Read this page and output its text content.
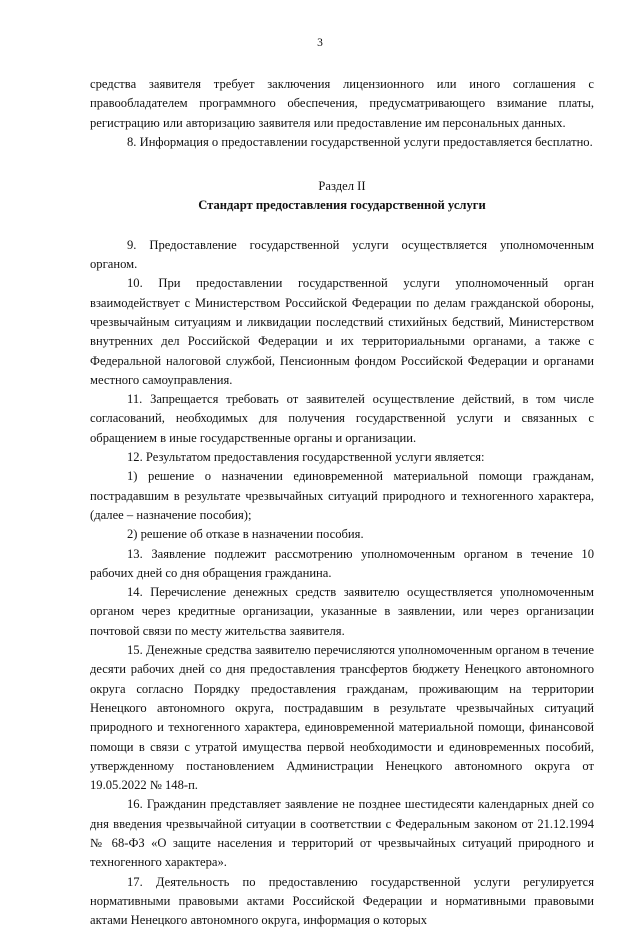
3

средства заявителя требует заключения лицензионного или иного соглашения с правообладателем программного обеспечения, предусматривающего взимание платы, регистрацию или авторизацию заявителя или предоставление им персональных данных.

8. Информация о предоставлении государственной услуги предоставляется бесплатно.

Раздел II

Стандарт предоставления государственной услуги

9. Предоставление государственной услуги осуществляется уполномоченным органом.

10. При предоставлении государственной услуги уполномоченный орган взаимодействует с Министерством Российской Федерации по делам гражданской обороны, чрезвычайным ситуациям и ликвидации последствий стихийных бедствий, Министерством внутренних дел Российской Федерации и их территориальными органами, а также с Федеральной налоговой службой, Пенсионным фондом Российской Федерации и органами местного самоуправления.

11. Запрещается требовать от заявителей осуществление действий, в том числе согласований, необходимых для получения государственной услуги и связанных с обращением в иные государственные органы и организации.

12. Результатом предоставления государственной услуги является:

1) решение о назначении единовременной материальной помощи гражданам, пострадавшим в результате чрезвычайных ситуаций природного и техногенного характера, (далее – назначение пособия);

2) решение об отказе в назначении пособия.

13. Заявление подлежит рассмотрению уполномоченным органом в течение 10 рабочих дней со дня обращения гражданина.

14. Перечисление денежных средств заявителю осуществляется уполномоченным органом через кредитные организации, указанные в заявлении, или через организации почтовой связи по месту жительства заявителя.

15. Денежные средства заявителю перечисляются уполномоченным органом в течение десяти рабочих дней со дня предоставления трансфертов бюджету Ненецкого автономного округа согласно Порядку предоставления гражданам, проживающим на территории Ненецкого автономного округа, пострадавшим в результате чрезвычайных ситуаций природного и техногенного характера, единовременной материальной помощи, финансовой помощи в связи с утратой имущества первой необходимости и единовременных пособий, утвержденному постановлением Администрации Ненецкого автономного округа от 19.05.2022 № 148-п.

16. Гражданин представляет заявление не позднее шестидесяти календарных дней со дня введения чрезвычайной ситуации в соответствии с Федеральным законом от 21.12.1994 № 68-ФЗ «О защите населения и территорий от чрезвычайных ситуаций природного и техногенного характера».

17. Деятельность по предоставлению государственной услуги регулируется нормативными правовыми актами Российской Федерации и нормативными правовыми актами Ненецкого автономного округа, информация о которых
